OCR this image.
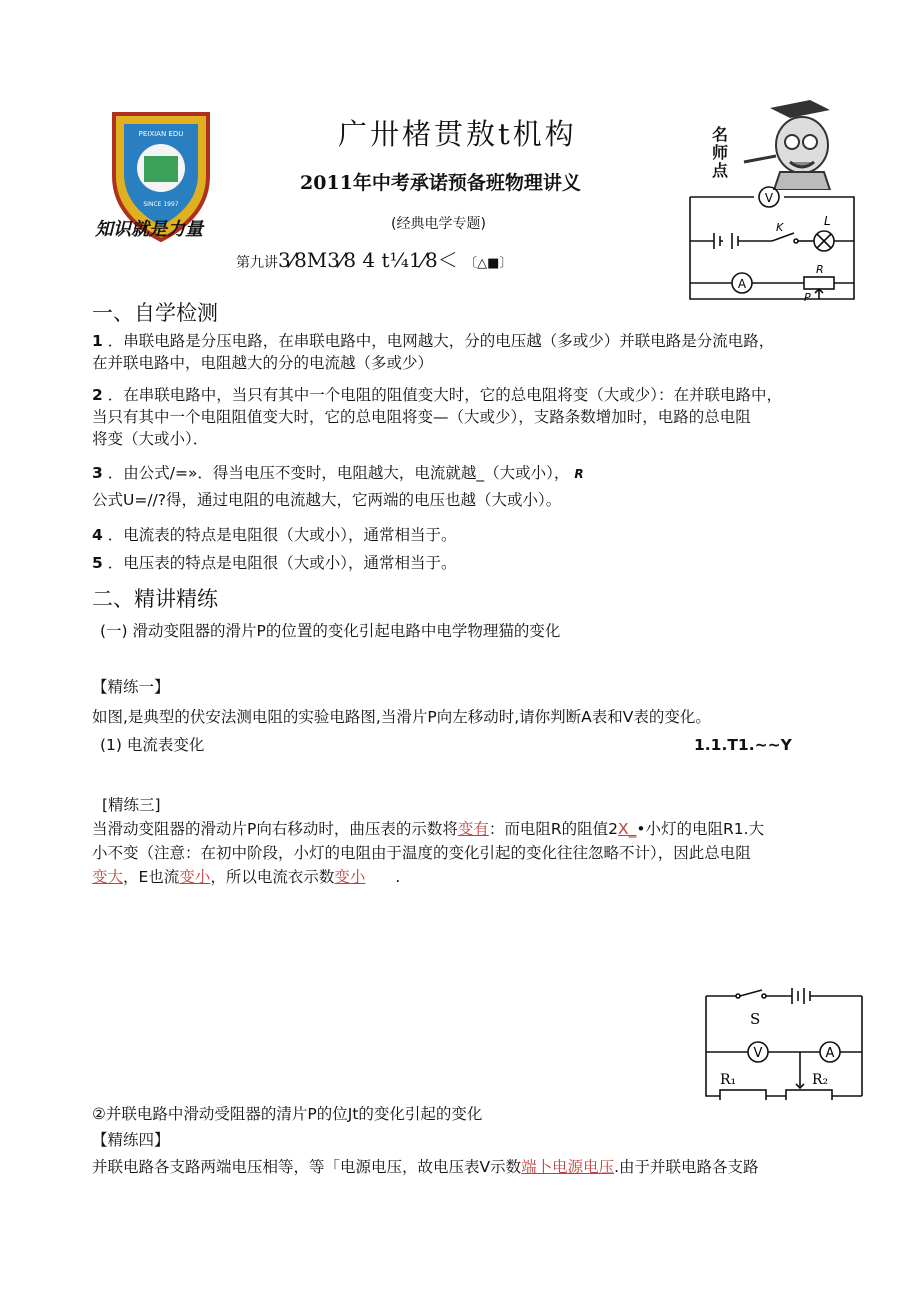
PEIXIAN EDU
SINCE 1997
知识就是力量
广卅楮贯敖t机构
2011年中考承诺预备班物理讲义
(经典电学专题)
第九讲3⁄8M3⁄8 4 t¼1⁄8＜ 〔△■〕
名师点
V
K	L
A
R
P
一、自学检测
1 ．串联电路是分压电路，在串联电路中，电网越大，分的电压越（多或少）并联电路是分流电路，
在并联电路中，电阻越大的分的电流越（多或少）
2 ．在串联电路中，当只有其中一个电阻的阻值变大时，它的总电阻将变（大或少）：在并联电路中，
当只有其中一个电阻阻值变大时，它的总电阻将变—（大或少），支路条数增加时，电路的总电阻
将变（大或小）．
3 ．由公式/=»．得当电压不变时，电阻越大，电流就越_（大或小）， R
公式U=//?得，通过电阻的电流越大，它两端的电压也越（大或小）。
4 ．电流表的特点是电阻很（大或小），通常相当于。
5 ．电压表的特点是电阻很（大或小），通常相当于。
二、精讲精练
(一) 滑动变阻器的滑片P的位置的变化引起电路中电学物理猫的变化
【精练一】
如图,是典型的伏安法测电阻的实验电路图,当滑片P向左移动时,请你判断A表和V表的变化。
(1) 电流表变化	1.1.T1.~~Y
[精练三]
当滑动变阻器的滑动片P向右移动时，曲压表的示数将变有：而电阻R的阻值2X_•小灯的电阻R1.大
小不变（注意：在初中阶段，小灯的电阻由于温度的变化引起的变化往往忽略不计），因此总电阻
变大，E也流变小，所以电流衣示数变小 .
S
V	A
R₁	R₂
②并联电路中滑动受阻器的清片P的位Jt的变化引起的变化
【精练四】
并联电路各支路两端电压相等，等「电源电压，故电压表V示数端卜电源电压.由于并联电路各支路
